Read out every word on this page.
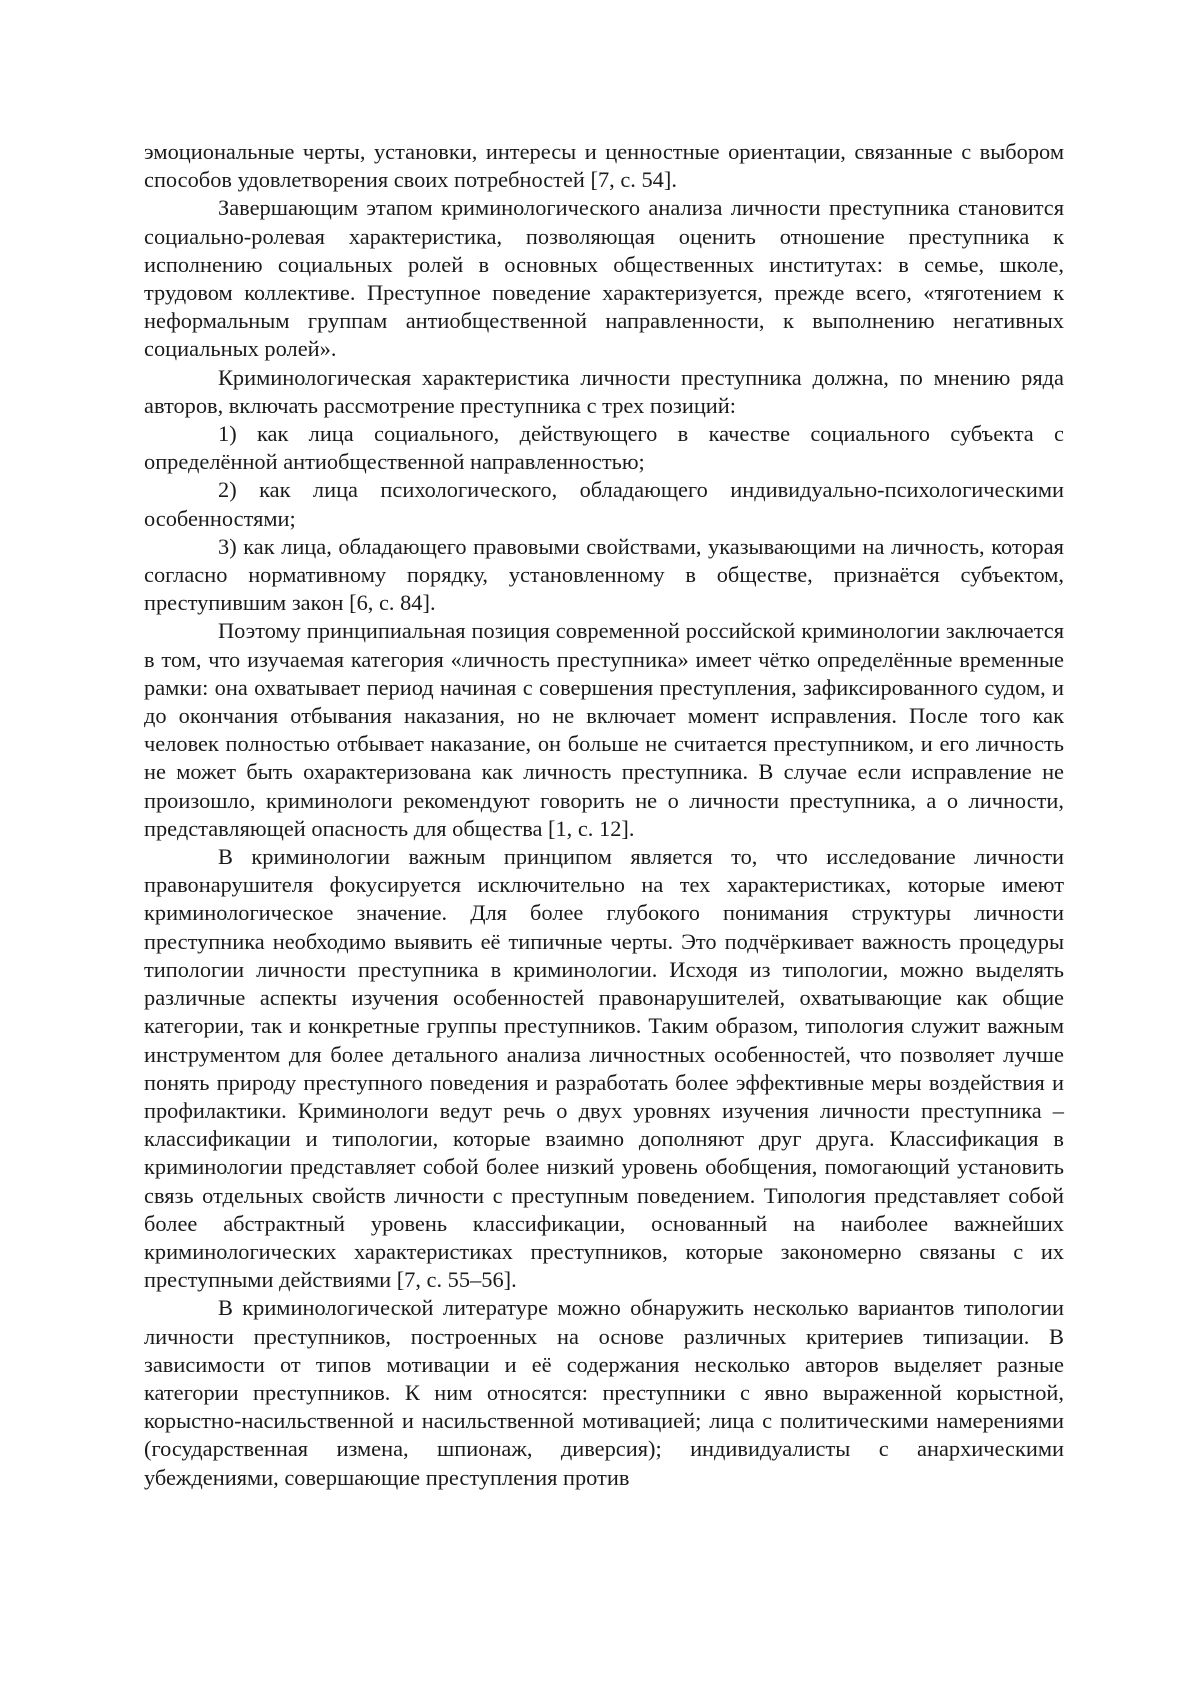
эмоциональные черты, установки, интересы и ценностные ориентации, связанные с выбором способов удовлетворения своих потребностей [7, с. 54].

Завершающим этапом криминологического анализа личности преступника становится социально-ролевая характеристика, позволяющая оценить отношение преступника к исполнению социальных ролей в основных общественных институтах: в семье, школе, трудовом коллективе. Преступное поведение характеризуется, прежде всего, «тяготением к неформальным группам антиобщественной направленности, к выполнению негативных социальных ролей».

Криминологическая характеристика личности преступника должна, по мнению ряда авторов, включать рассмотрение преступника с трех позиций:

1) как лица социального, действующего в качестве социального субъекта с определённой антиобщественной направленностью;

2) как лица психологического, обладающего индивидуально-психологическими особенностями;

3) как лица, обладающего правовыми свойствами, указывающими на личность, которая согласно нормативному порядку, установленному в обществе, признаётся субъектом, преступившим закон [6, с. 84].

Поэтому принципиальная позиция современной российской криминологии заключается в том, что изучаемая категория «личность преступника» имеет чётко определённые временные рамки: она охватывает период начиная с совершения преступления, зафиксированного судом, и до окончания отбывания наказания, но не включает момент исправления. После того как человек полностью отбывает наказание, он больше не считается преступником, и его личность не может быть охарактеризована как личность преступника. В случае если исправление не произошло, криминологи рекомендуют говорить не о личности преступника, а о личности, представляющей опасность для общества [1, с. 12].

В криминологии важным принципом является то, что исследование личности правонарушителя фокусируется исключительно на тех характеристиках, которые имеют криминологическое значение. Для более глубокого понимания структуры личности преступника необходимо выявить её типичные черты. Это подчёркивает важность процедуры типологии личности преступника в криминологии. Исходя из типологии, можно выделять различные аспекты изучения особенностей правонарушителей, охватывающие как общие категории, так и конкретные группы преступников. Таким образом, типология служит важным инструментом для более детального анализа личностных особенностей, что позволяет лучше понять природу преступного поведения и разработать более эффективные меры воздействия и профилактики. Криминологи ведут речь о двух уровнях изучения личности преступника – классификации и типологии, которые взаимно дополняют друг друга. Классификация в криминологии представляет собой более низкий уровень обобщения, помогающий установить связь отдельных свойств личности с преступным поведением. Типология представляет собой более абстрактный уровень классификации, основанный на наиболее важнейших криминологических характеристиках преступников, которые закономерно связаны с их преступными действиями [7, с. 55–56].

В криминологической литературе можно обнаружить несколько вариантов типологии личности преступников, построенных на основе различных критериев типизации. В зависимости от типов мотивации и её содержания несколько авторов выделяет разные категории преступников. К ним относятся: преступники с явно выраженной корыстной, корыстно-насильственной и насильственной мотивацией; лица с политическими намерениями (государственная измена, шпионаж, диверсия); индивидуалисты с анархическими убеждениями, совершающие преступления против
